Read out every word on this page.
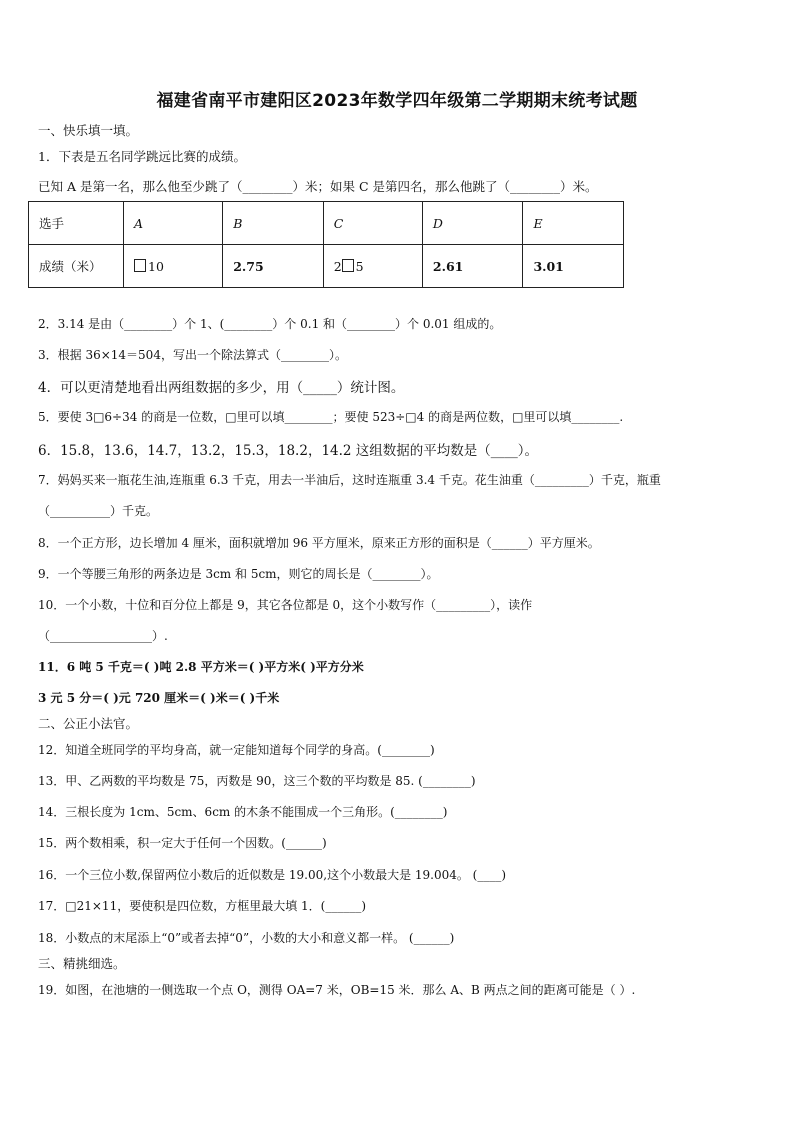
福建省南平市建阳区2023年数学四年级第二学期期末统考试题
一、快乐填一填。
1．下表是五名同学跳远比赛的成绩。
已知 A 是第一名，那么他至少跳了（________）米；如果 C 是第四名，那么他跳了（________）米。
选手	A	B	C	D	E
成绩（米）	10	2.75	2 5	2.61	3.01
2．3.14 是由（________）个 1、(________）个 0.1 和（________）个 0.01 组成的。
3．根据 36×14＝504，写出一个除法算式（________）。
4．可以更清楚地看出两组数据的多少，用（_____）统计图。
5．要使 3□6÷34 的商是一位数，□里可以填________；要使 523÷□4 的商是两位数，□里可以填________.
6．15.8，13.6，14.7，13.2，15.3，18.2，14.2 这组数据的平均数是（____）。
7．妈妈买来一瓶花生油,连瓶重 6.3 千克，用去一半油后，这时连瓶重 3.4 千克。花生油重（_________）千克，瓶重
（__________）千克。
8．一个正方形，边长增加 4 厘米，面积就增加 96 平方厘米，原来正方形的面积是（______）平方厘米。
9．一个等腰三角形的两条边是 3cm 和 5cm，则它的周长是（________）。
10．一个小数，十位和百分位上都是 9，其它各位都是 0，这个小数写作（_________），读作
（_________________）.
11．6 吨 5 千克＝( )吨 2.8 平方米＝( )平方米( )平方分米
3 元 5 分＝( )元 720 厘米＝( )米＝( )千米
二、公正小法官。
12．知道全班同学的平均身高，就一定能知道每个同学的身高。(________)
13．甲、乙两数的平均数是 75，丙数是 90，这三个数的平均数是 85. (________)
14．三根长度为 1cm、5cm、6cm 的木条不能围成一个三角形。(________)
15．两个数相乘，积一定大于任何一个因数。(______)
16．一个三位小数,保留两位小数后的近似数是 19.00,这个小数最大是 19.004。 (____)
17．□21×11，要使积是四位数，方框里最大填 1．(______)
18．小数点的末尾添上“0”或者去掉“0”，小数的大小和意义都一样。 (______)
三、精挑细选。
19．如图，在池塘的一侧选取一个点 O，测得 OA=7 米，OB=15 米．那么 A、B 两点之间的距离可能是（ ）.
